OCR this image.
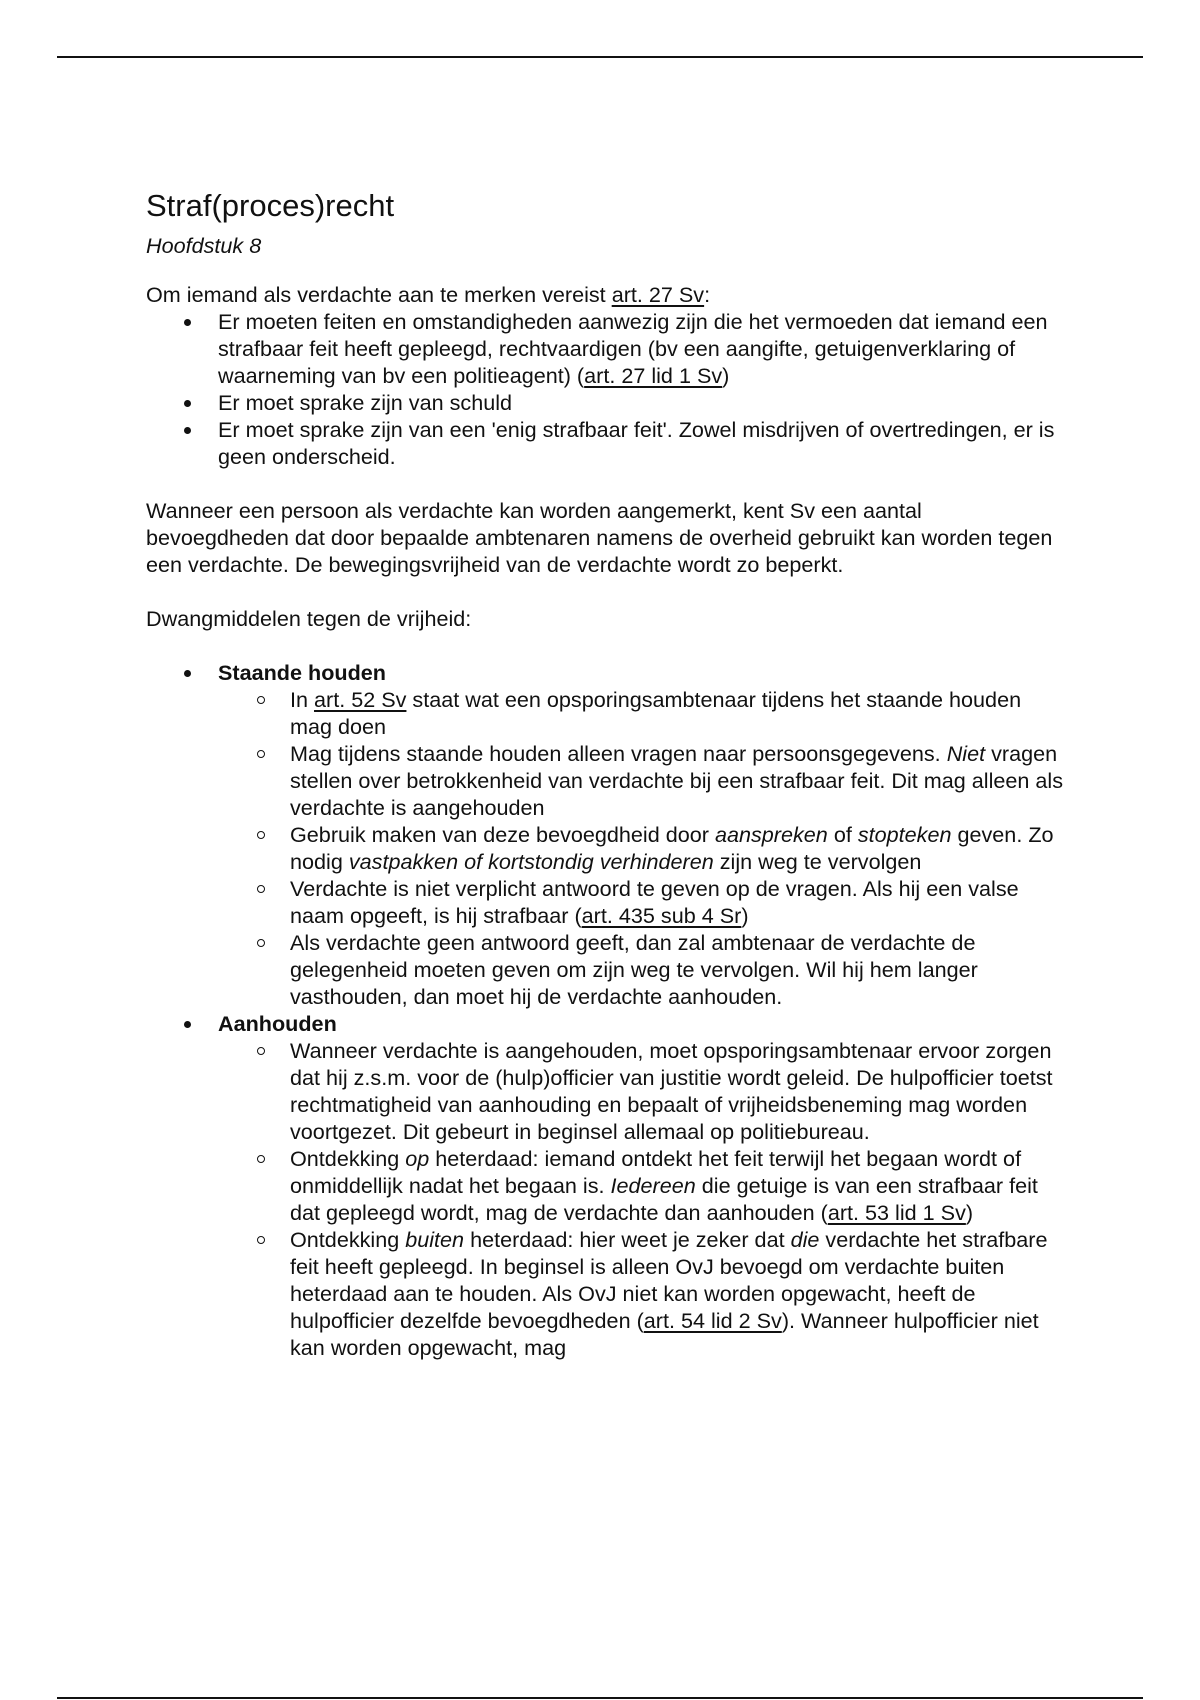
Straf(proces)recht

Hoofdstuk 8

Om iemand als verdachte aan te merken vereist art. 27 Sv:

Er moeten feiten en omstandigheden aanwezig zijn die het vermoeden dat iemand een strafbaar feit heeft gepleegd, rechtvaardigen (bv een aangifte, getuigenverklaring of waarneming van bv een politieagent) (art. 27 lid 1 Sv)
Er moet sprake zijn van schuld
Er moet sprake zijn van een 'enig strafbaar feit'. Zowel misdrijven of overtredingen, er is geen onderscheid.

Wanneer een persoon als verdachte kan worden aangemerkt, kent Sv een aantal bevoegdheden dat door bepaalde ambtenaren namens de overheid gebruikt kan worden tegen een verdachte. De bewegingsvrijheid van de verdachte wordt zo beperkt.

Dwangmiddelen tegen de vrijheid:

Staande houden
In art. 52 Sv staat wat een opsporingsambtenaar tijdens het staande houden mag doen
Mag tijdens staande houden alleen vragen naar persoonsgegevens. Niet vragen stellen over betrokkenheid van verdachte bij een strafbaar feit. Dit mag alleen als verdachte is aangehouden
Gebruik maken van deze bevoegdheid door aanspreken of stopteken geven. Zo nodig vastpakken of kortstondig verhinderen zijn weg te vervolgen
Verdachte is niet verplicht antwoord te geven op de vragen. Als hij een valse naam opgeeft, is hij strafbaar (art. 435 sub 4 Sr)
Als verdachte geen antwoord geeft, dan zal ambtenaar de verdachte de gelegenheid moeten geven om zijn weg te vervolgen. Wil hij hem langer vasthouden, dan moet hij de verdachte aanhouden.
Aanhouden
Wanneer verdachte is aangehouden, moet opsporingsambtenaar ervoor zorgen dat hij z.s.m. voor de (hulp)officier van justitie wordt geleid. De hulpofficier toetst rechtmatigheid van aanhouding en bepaalt of vrijheidsbeneming mag worden voortgezet. Dit gebeurt in beginsel allemaal op politiebureau.
Ontdekking op heterdaad: iemand ontdekt het feit terwijl het begaan wordt of onmiddellijk nadat het begaan is. Iedereen die getuige is van een strafbaar feit dat gepleegd wordt, mag de verdachte dan aanhouden (art. 53 lid 1 Sv)
Ontdekking buiten heterdaad: hier weet je zeker dat die verdachte het strafbare feit heeft gepleegd. In beginsel is alleen OvJ bevoegd om verdachte buiten heterdaad aan te houden. Als OvJ niet kan worden opgewacht, heeft de hulpofficier dezelfde bevoegdheden (art. 54 lid 2 Sv). Wanneer hulpofficier niet kan worden opgewacht, mag
